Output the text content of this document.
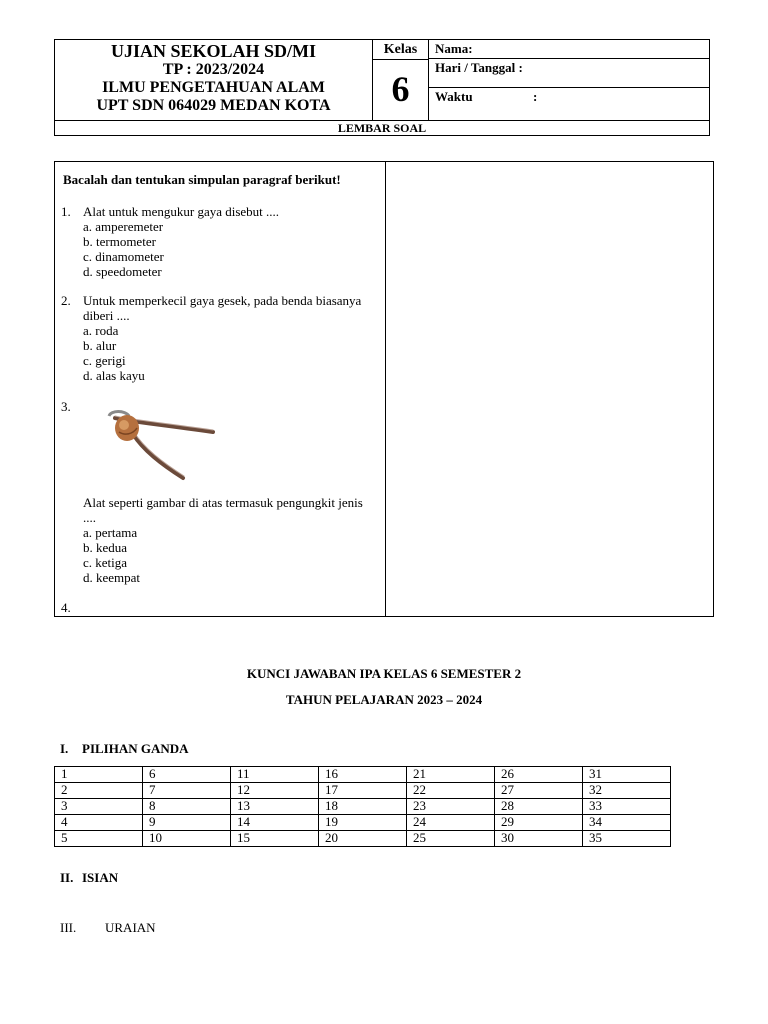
UJIAN SEKOLAH SD/MI
TP : 2023/2024
ILMU PENGETAHUAN ALAM
UPT SDN 064029 MEDAN KOTA
Kelas
6
Nama:
Hari / Tanggal :
Waktu	:
LEMBAR SOAL
Bacalah dan tentukan simpulan paragraf berikut!
1. Alat untuk mengukur gaya disebut ....
a. amperemeter
b. termometer
c. dinamometer
d. speedometer
2. Untuk memperkecil gaya gesek, pada benda biasanya diberi ....
a. roda
b. alur
c. gerigi
d. alas kayu
3.
Alat seperti gambar di atas termasuk pengungkit jenis ....
a. pertama
b. kedua
c. ketiga
d. keempat
4.
KUNCI JAWABAN IPA KELAS 6 SEMESTER 2
TAHUN PELAJARAN 2023 – 2024
I. PILIHAN GANDA
1	6	11	16	21	26	31
2	7	12	17	22	27	32
3	8	13	18	23	28	33
4	9	14	19	24	29	34
5	10	15	20	25	30	35
II. ISIAN
III. URAIAN
